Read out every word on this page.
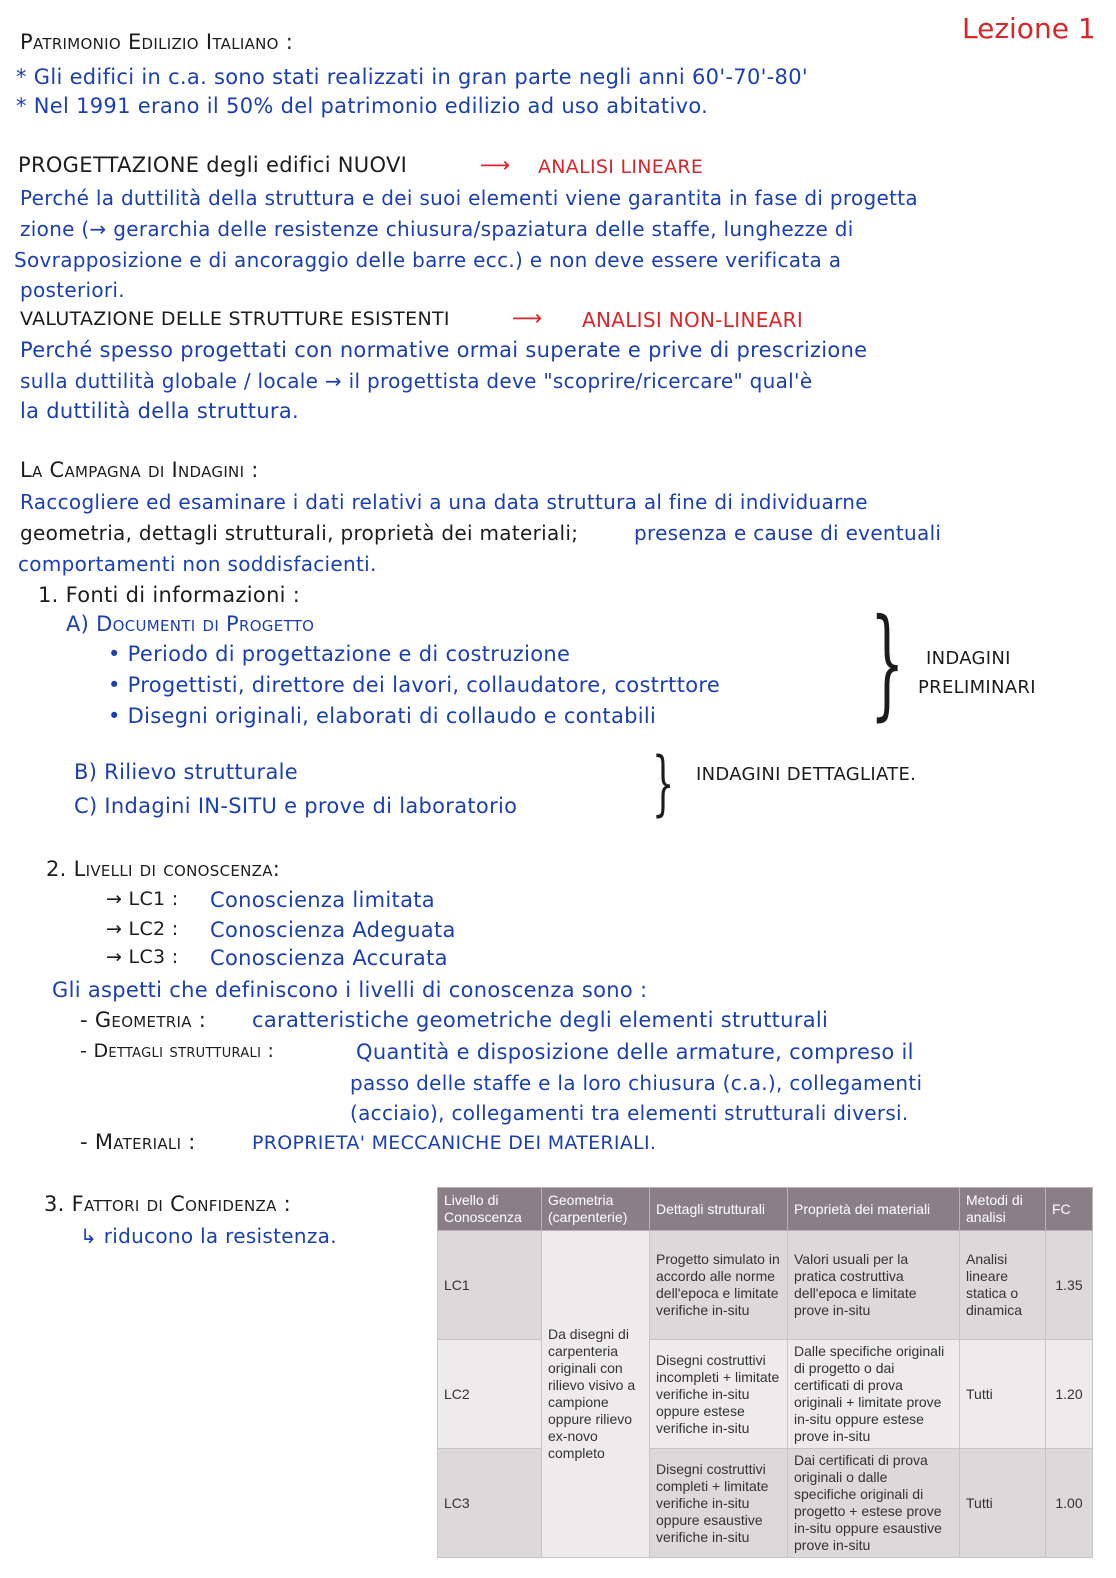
Lezione 1
Patrimonio Edilizio Italiano :
* Gli edifici in c.a. sono stati realizzati in gran parte negli anni 60'-70'-80'
* Nel 1991 erano il 50% del patrimonio edilizio ad uso abitativo.
PROGETTAZIONE degli edifici NUOVI	⟶ ANALISI LINEARE
Perché la duttilità della struttura e dei suoi elementi viene garantita in fase di progetta
zione (→ gerarchia delle resistenze chiusura/spaziatura delle staffe, lunghezze di
Sovrapposizione e di ancoraggio delle barre ecc.) e non deve essere verificata a
posteriori.
VALUTAZIONE DELLE STRUTTURE ESISTENTI	⟶ ANALISI NON-LINEARI
Perché spesso progettati con normative ormai superate e prive di prescrizione
sulla duttilità globale / locale → il progettista deve "scoprire/ricercare" qual'è
la duttilità della struttura.
La Campagna di Indagini :
Raccogliere ed esaminare i dati relativi a una data struttura al fine di individuarne
geometria, dettagli strutturali, proprietà dei materiali;	presenza e cause di eventuali
comportamenti non soddisfacienti.
1. Fonti di informazioni :
A) Documenti di Progetto
• Periodo di progettazione e di costruzione
• Progettisti, direttore dei lavori, collaudatore, costrttore
• Disegni originali, elaborati di collaudo e contabili } INDAGINI
PRELIMINARI
B) Rilievo strutturale
C) Indagini IN-SITU e prove di laboratorio } INDAGINI DETTAGLIATE.
2. Livelli di conoscenza:
→ LC1 : Conoscienza limitata
→ LC2 : Conoscienza Adeguata
→ LC3 : Conoscienza Accurata
Gli aspetti che definiscono i livelli di conoscenza sono :
- Geometria : caratteristiche geometriche degli elementi strutturali
- Dettagli strutturali :	Quantità e disposizione delle armature, compreso il
passo delle staffe e la loro chiusura (c.a.), collegamenti
(acciaio), collegamenti tra elementi strutturali diversi.
- Materiali :	PROPRIETA' MECCANICHE DEI MATERIALI.
3. Fattori di Confidenza :
↳ riducono la resistenza.
Livello di Conoscenza	Geometria (carpenterie)	Dettagli strutturali	Proprietà dei materiali	Metodi di analisi	FC
LC1	Da disegni di carpenteria originali con rilievo visivo a campione oppure rilievo ex-novo completo	Progetto simulato in accordo alle norme dell'epoca e limitate verifiche in-situ	Valori usuali per la pratica costruttiva dell'epoca e limitate prove in-situ	Analisi lineare statica o dinamica	1.35
LC2		Disegni costruttivi incompleti + limitate verifiche in-situ oppure estese verifiche in-situ	Dalle specifiche originali di progetto o dai certificati di prova originali + limitate prove in-situ oppure estese prove in-situ	Tutti	1.20
LC3		Disegni costruttivi completi + limitate verifiche in-situ oppure esaustive verifiche in-situ	Dai certificati di prova originali o dalle specifiche originali di progetto + estese prove in-situ oppure esaustive prove in-situ	Tutti	1.00
